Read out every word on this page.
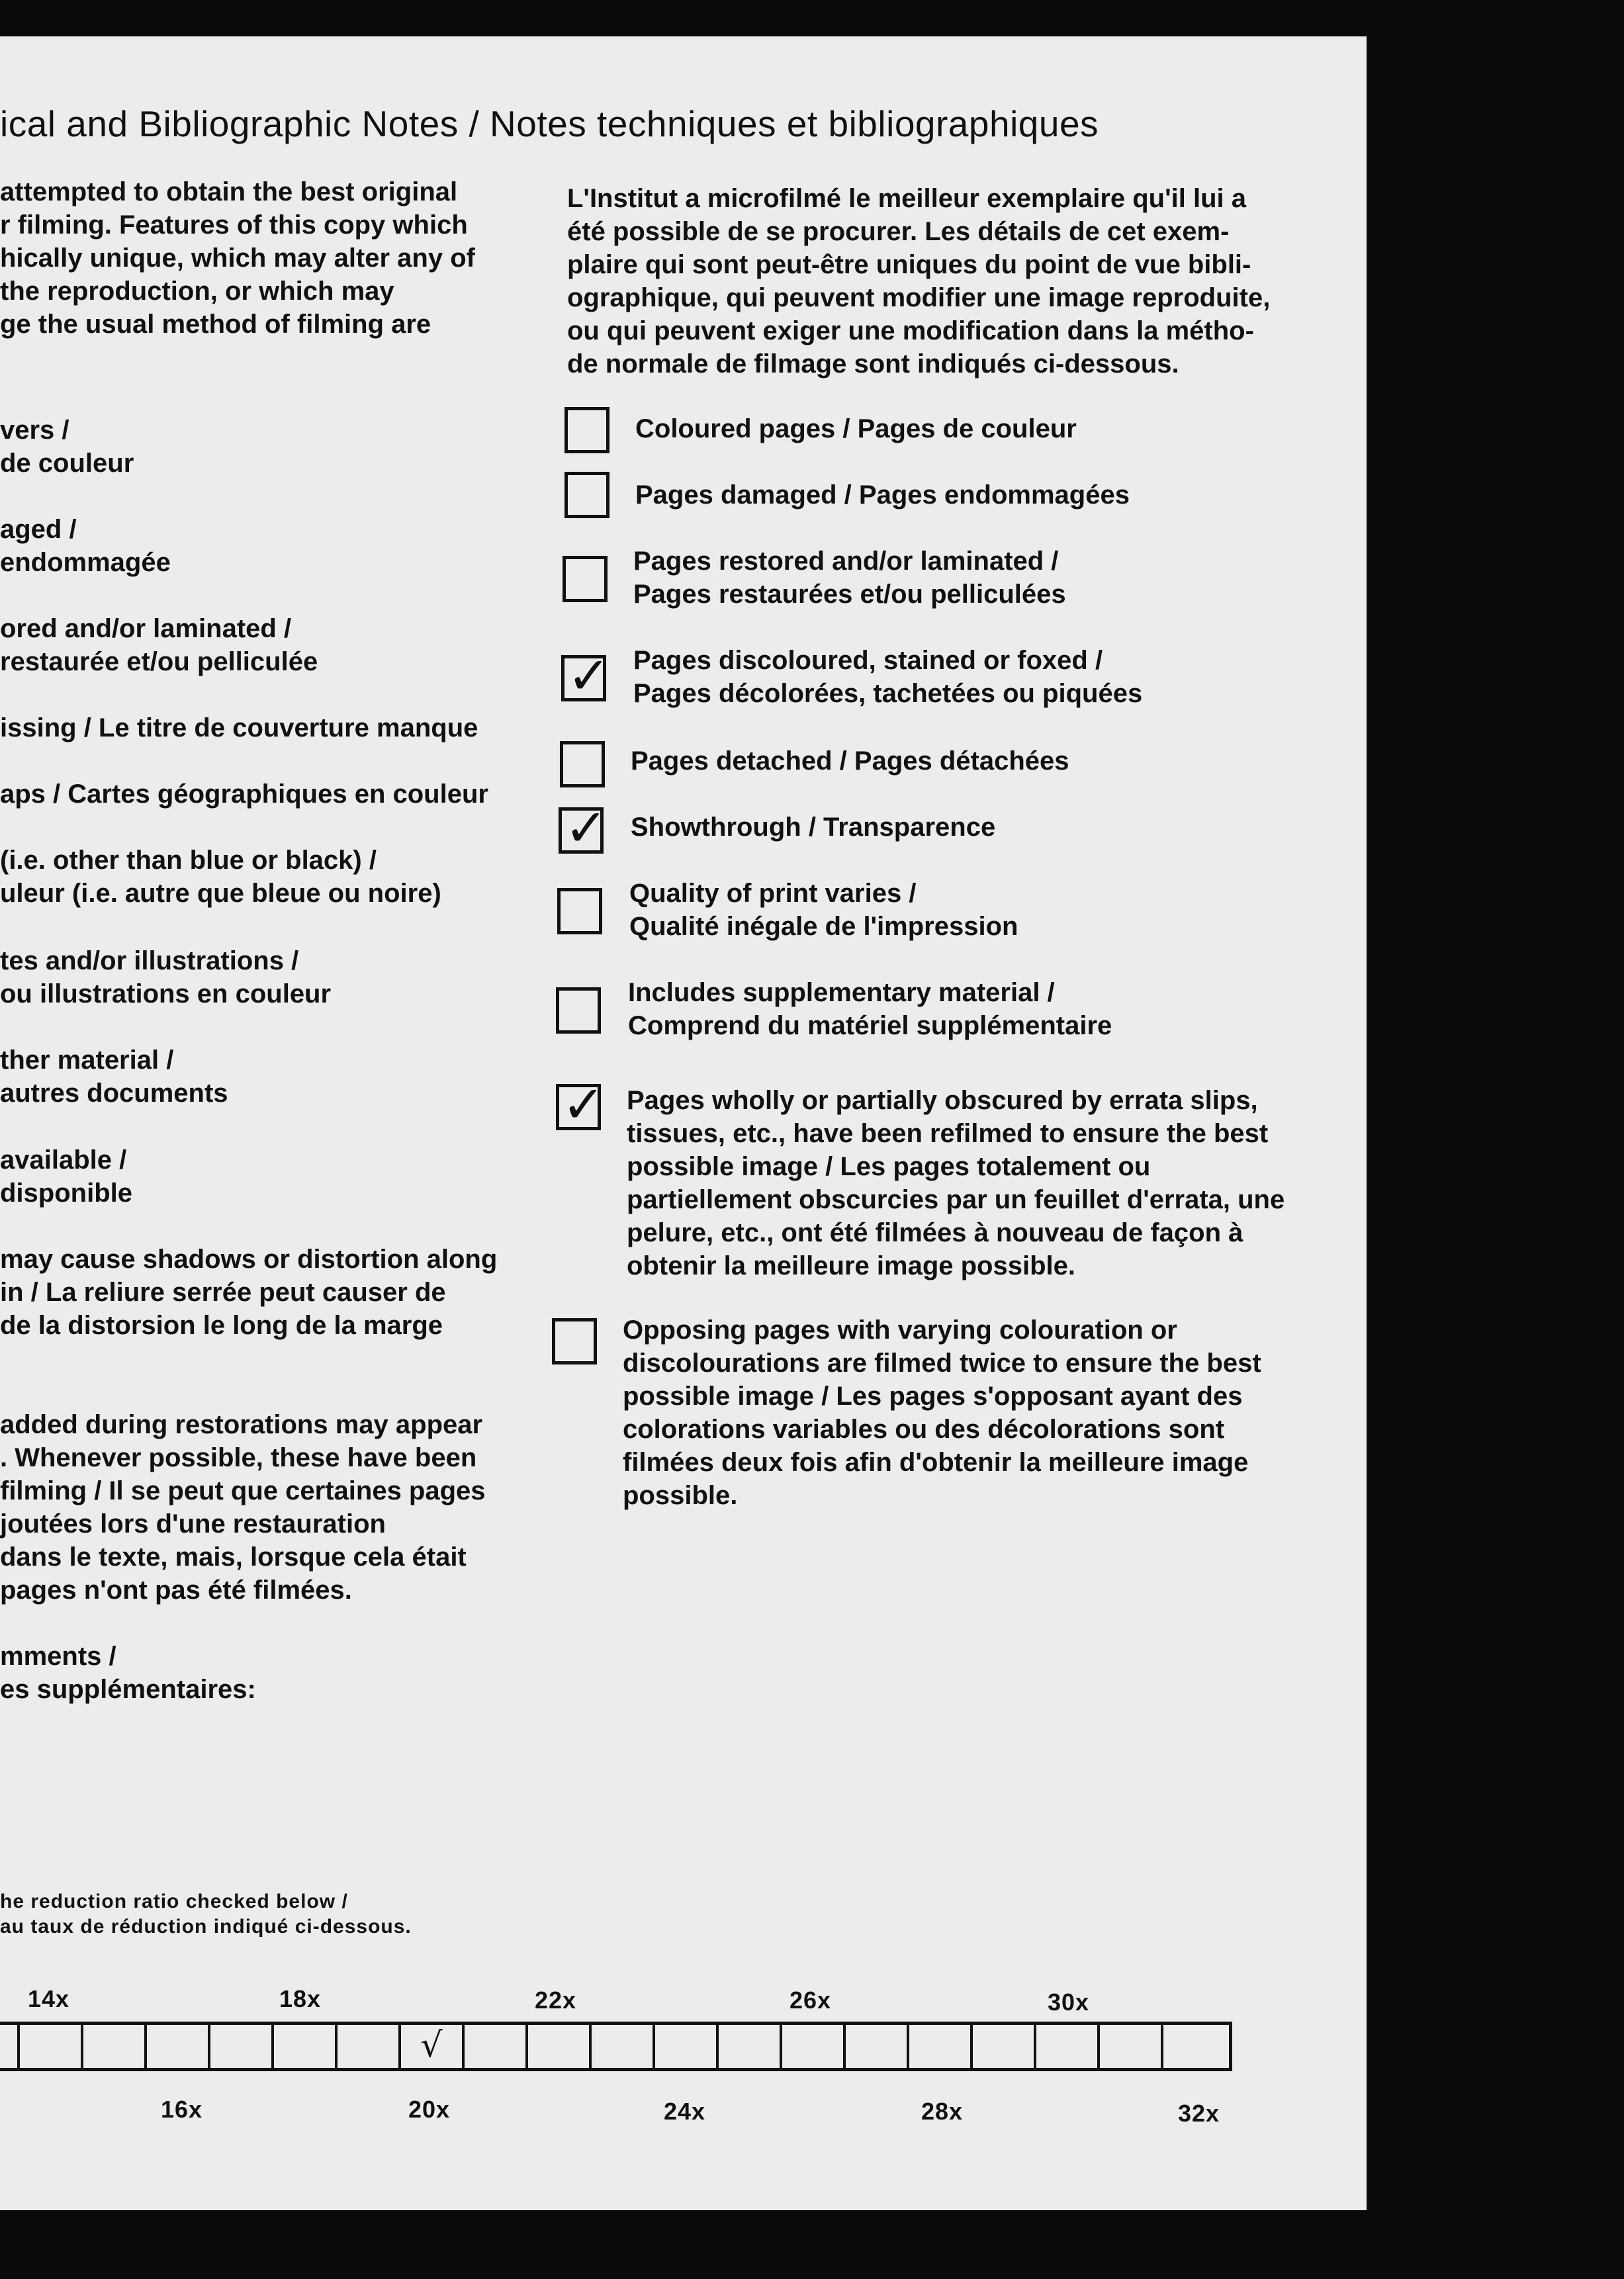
ical and Bibliographic Notes / Notes techniques et bibliographiques
attempted to obtain the best original
r filming. Features of this copy which
hically unique, which may alter any of
the reproduction, or which may
ge the usual method of filming are
L'Institut a microfilmé le meilleur exemplaire qu'il lui a
été possible de se procurer. Les détails de cet exem-
plaire qui sont peut-être uniques du point de vue bibli-
ographique, qui peuvent modifier une image reproduite,
ou qui peuvent exiger une modification dans la métho-
de normale de filmage sont indiqués ci-dessous.
vers /
de couleur
aged /
endommagée
ored and/or laminated /
restaurée et/ou pelliculée
issing / Le titre de couverture manque
aps / Cartes géographiques en couleur
(i.e. other than blue or black) /
uleur (i.e. autre que bleue ou noire)
tes and/or illustrations /
ou illustrations en couleur
ther material /
autres documents
available /
disponible
may cause shadows or distortion along
in / La reliure serrée peut causer de
de la distorsion le long de la marge
added during restorations may appear
. Whenever possible, these have been
filming / Il se peut que certaines pages
joutées lors d'une restauration
dans le texte, mais, lorsque cela était
pages n'ont pas été filmées.
mments /
es supplémentaires:
Coloured pages / Pages de couleur
Pages damaged / Pages endommagées
Pages restored and/or laminated /
Pages restaurées et/ou pelliculées
✓ Pages discoloured, stained or foxed /
Pages décolorées, tachetées ou piquées
Pages detached / Pages détachées
✓ Showthrough / Transparence
Quality of print varies /
Qualité inégale de l'impression
Includes supplementary material /
Comprend du matériel supplémentaire
✓ Pages wholly or partially obscured by errata slips,
tissues, etc., have been refilmed to ensure the best
possible image / Les pages totalement ou
partiellement obscurcies par un feuillet d'errata, une
pelure, etc., ont été filmées à nouveau de façon à
obtenir la meilleure image possible.
Opposing pages with varying colouration or
discolourations are filmed twice to ensure the best
possible image / Les pages s'opposant ayant des
colorations variables ou des décolorations sont
filmées deux fois afin d'obtenir la meilleure image
possible.
he reduction ratio checked below /
au taux de réduction indiqué ci-dessous.
14x	18x	22x	26x	30x
√
16x	20x	24x	28x	32x
